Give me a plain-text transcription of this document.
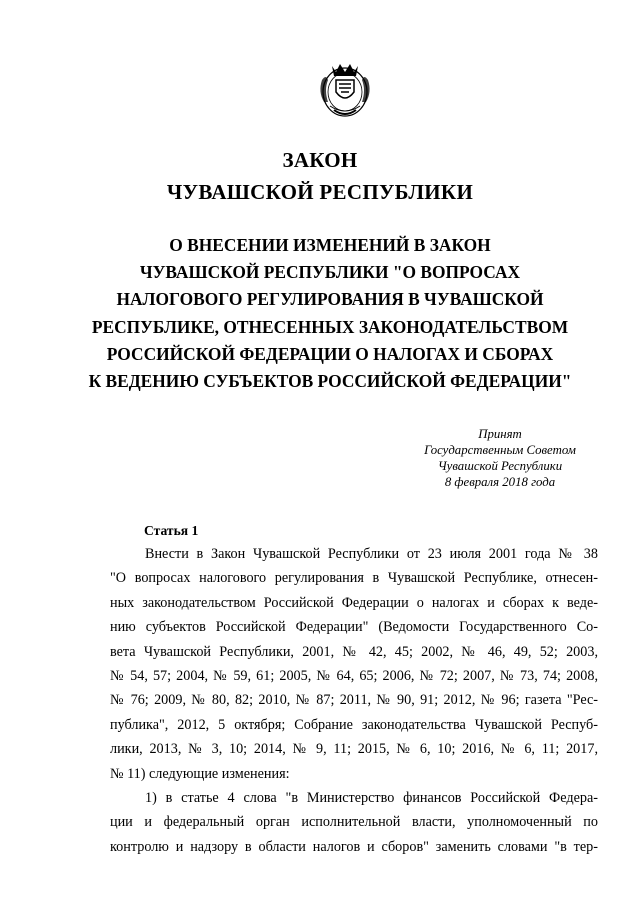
ЗАКОН
ЧУВАШСКОЙ РЕСПУБЛИКИ
О ВНЕСЕНИИ ИЗМЕНЕНИЙ В ЗАКОН
ЧУВАШСКОЙ РЕСПУБЛИКИ "О ВОПРОСАХ
НАЛОГОВОГО РЕГУЛИРОВАНИЯ В ЧУВАШСКОЙ
РЕСПУБЛИКЕ, ОТНЕСЕННЫХ ЗАКОНОДАТЕЛЬСТВОМ
РОССИЙСКОЙ ФЕДЕРАЦИИ О НАЛОГАХ И СБОРАХ
К ВЕДЕНИЮ СУБЪЕКТОВ РОССИЙСКОЙ ФЕДЕРАЦИИ"
Принят
Государственным Советом
Чувашской Республики
8 февраля 2018 года
Статья 1
Внести в Закон Чувашской Республики от 23 июля 2001 года № 38
"О вопросах налогового регулирования в Чувашской Республике, отнесен-
ных законодательством Российской Федерации о налогах и сборах к веде-
нию субъектов Российской Федерации" (Ведомости Государственного Со-
вета Чувашской Республики, 2001, № 42, 45; 2002, № 46, 49, 52; 2003,
№ 54, 57; 2004, № 59, 61; 2005, № 64, 65; 2006, № 72; 2007, № 73, 74; 2008,
№ 76; 2009, № 80, 82; 2010, № 87; 2011, № 90, 91; 2012, № 96; газета "Рес-
публика", 2012, 5 октября; Собрание законодательства Чувашской Респуб-
лики, 2013, № 3, 10; 2014, № 9, 11; 2015, № 6, 10; 2016, № 6, 11; 2017,
№ 11) следующие изменения:
1) в статье 4 слова "в Министерство финансов Российской Федера-
ции и федеральный орган исполнительной власти, уполномоченный по
контролю и надзору в области налогов и сборов" заменить словами "в тер-
